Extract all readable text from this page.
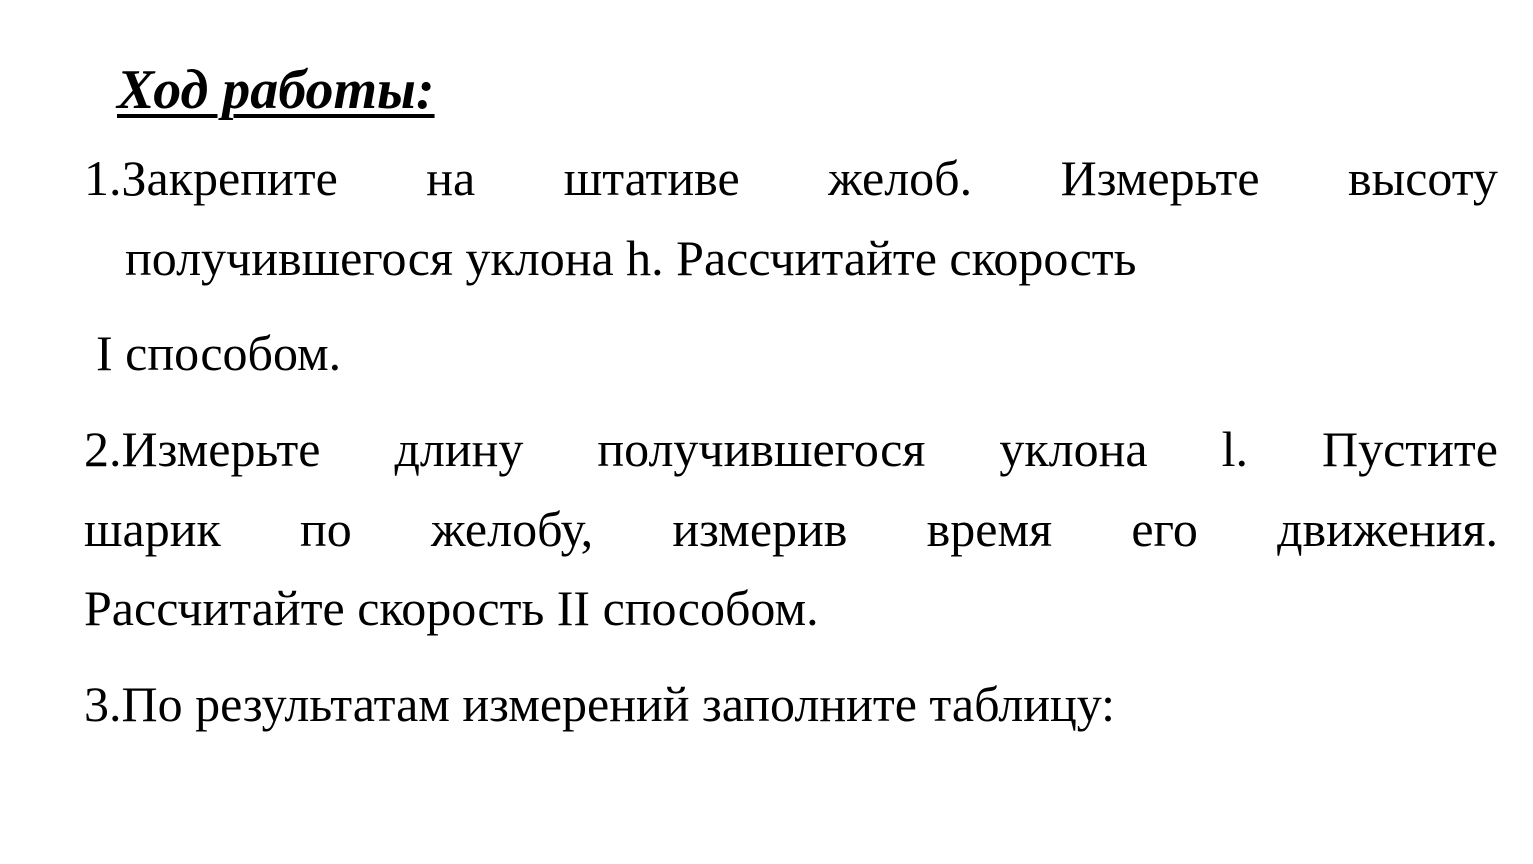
Ход работы:
1.Закрепите на штативе желоб. Измерьте высоту
получившегося уклона h. Рассчитайте скорость
I способом.
2.Измерьте длину получившегося уклона l. Пустите
шарик по желобу, измерив время его движения.
Рассчитайте скорость II способом.
3.По результатам измерений заполните таблицу:
